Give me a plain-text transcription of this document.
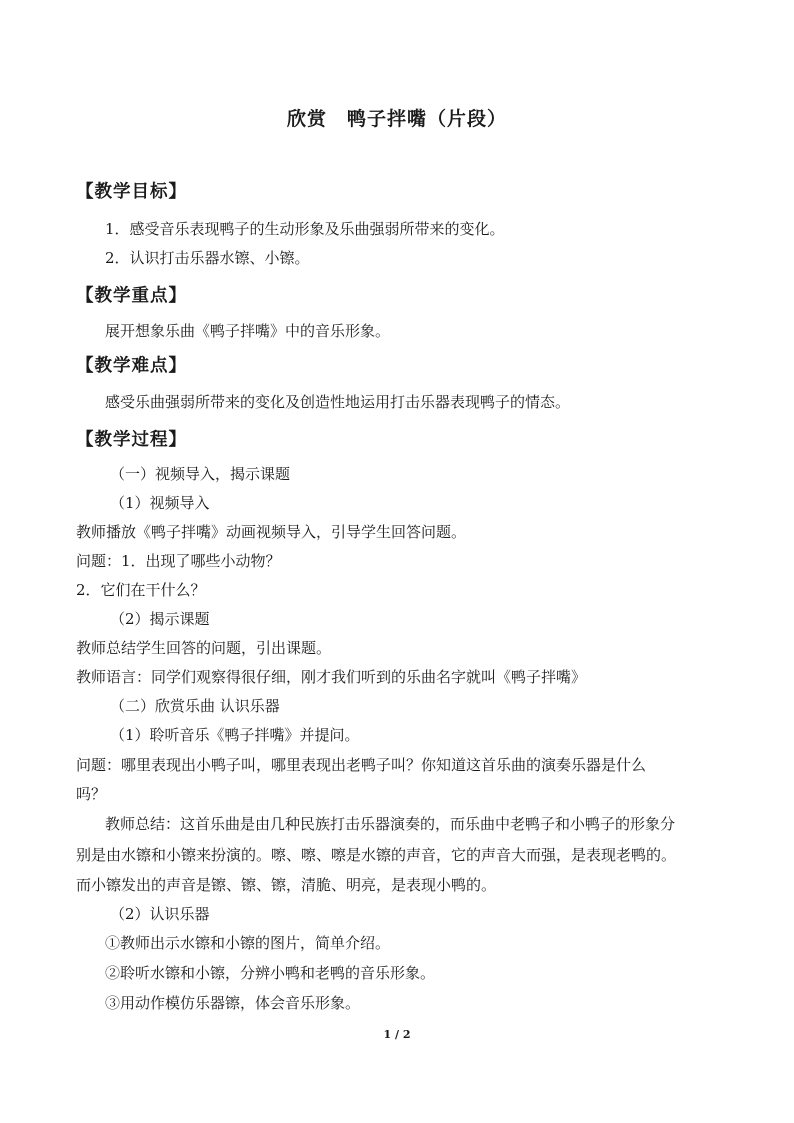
欣赏 鸭子拌嘴（片段）
【教学目标】
1．感受音乐表现鸭子的生动形象及乐曲强弱所带来的变化。
2．认识打击乐器水镲、小镲。
【教学重点】
展开想象乐曲《鸭子拌嘴》中的音乐形象。
【教学难点】
感受乐曲强弱所带来的变化及创造性地运用打击乐器表现鸭子的情态。
【教学过程】
（一）视频导入，揭示课题
（1）视频导入
教师播放《鸭子拌嘴》动画视频导入，引导学生回答问题。
问题：1．出现了哪些小动物？
2．它们在干什么？
（2）揭示课题
教师总结学生回答的问题，引出课题。
教师语言：同学们观察得很仔细，刚才我们听到的乐曲名字就叫《鸭子拌嘴》
（二）欣赏乐曲 认识乐器
（1）聆听音乐《鸭子拌嘴》并提问。
问题：哪里表现出小鸭子叫，哪里表现出老鸭子叫？你知道这首乐曲的演奏乐器是什么
吗？
教师总结：这首乐曲是由几种民族打击乐器演奏的，而乐曲中老鸭子和小鸭子的形象分
别是由水镲和小镲来扮演的。嚓、嚓、嚓是水镲的声音，它的声音大而强，是表现老鸭的。
而小镲发出的声音是镲、镲、镲，清脆、明亮，是表现小鸭的。
（2）认识乐器
①教师出示水镲和小镲的图片，简单介绍。
②聆听水镲和小镲，分辨小鸭和老鸭的音乐形象。
③用动作模仿乐器镲，体会音乐形象。
1 / 2
